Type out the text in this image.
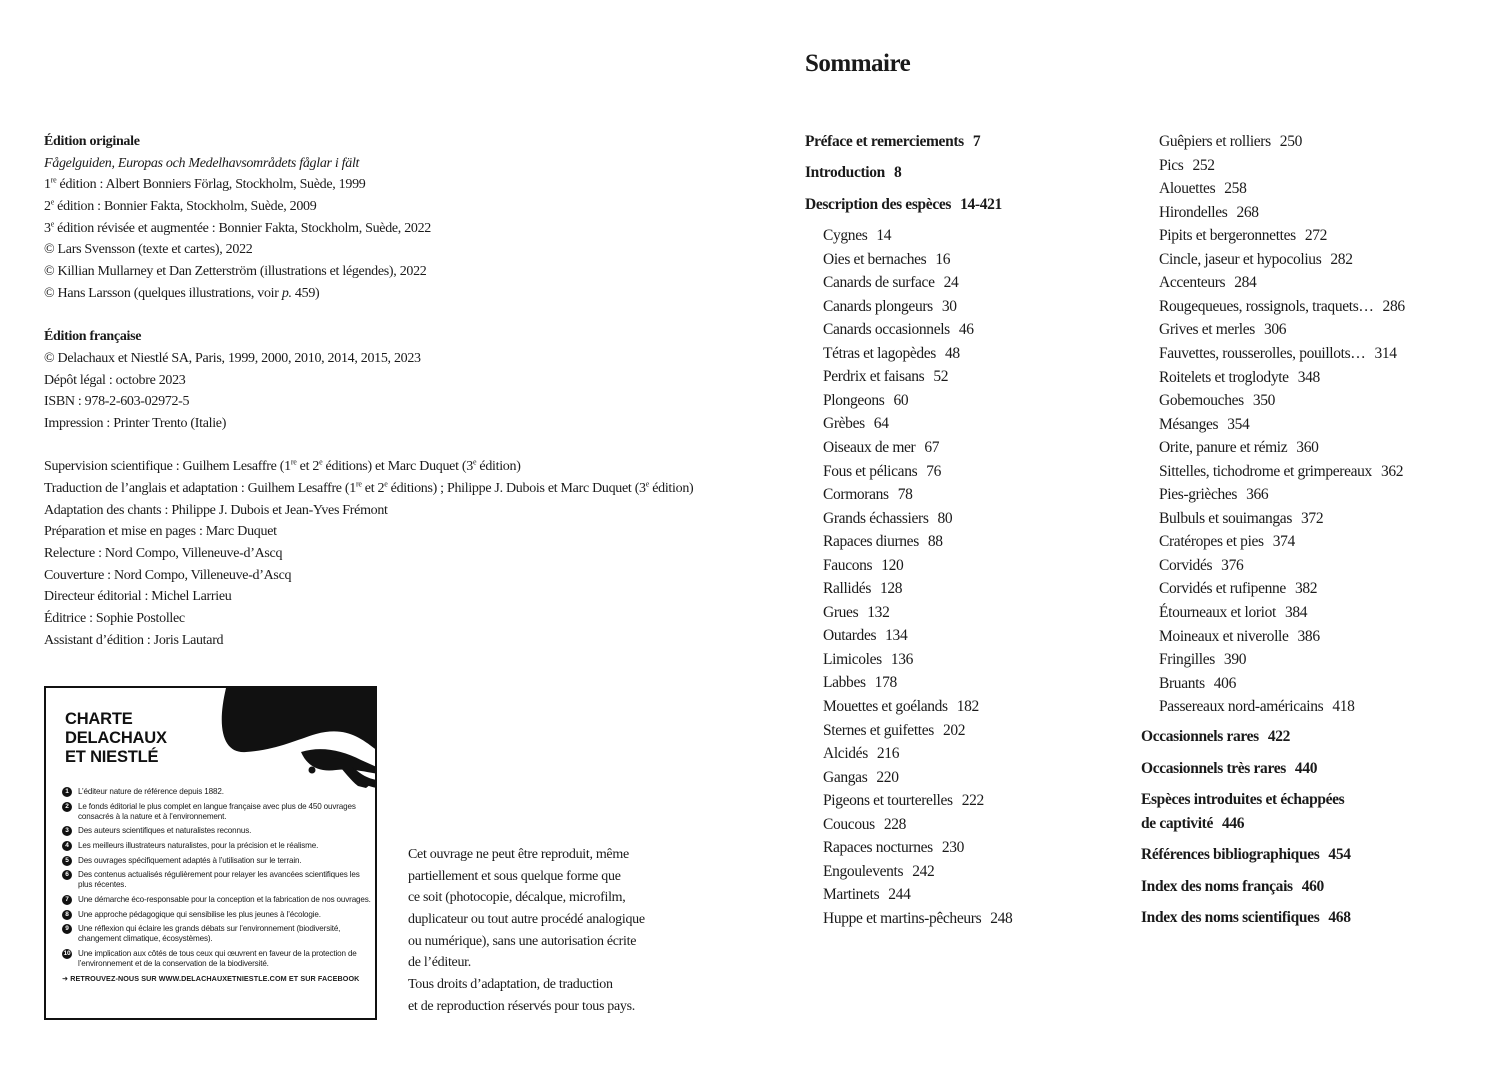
Édition originale
Fågelguiden, Europas och Medelhavsområdets fåglar i fält
1re édition : Albert Bonniers Förlag, Stockholm, Suède, 1999
2e édition : Bonnier Fakta, Stockholm, Suède, 2009
3e édition révisée et augmentée : Bonnier Fakta, Stockholm, Suède, 2022
© Lars Svensson (texte et cartes), 2022
© Killian Mullarney et Dan Zetterström (illustrations et légendes), 2022
© Hans Larsson (quelques illustrations, voir p. 459)
Édition française
© Delachaux et Niestlé SA, Paris, 1999, 2000, 2010, 2014, 2015, 2023
Dépôt légal : octobre 2023
ISBN : 978-2-603-02972-5
Impression : Printer Trento (Italie)
Supervision scientifique : Guilhem Lesaffre (1re et 2e éditions) et Marc Duquet (3e édition)
Traduction de l’anglais et adaptation : Guilhem Lesaffre (1re et 2e éditions) ; Philippe J. Dubois et Marc Duquet (3e édition)
Adaptation des chants : Philippe J. Dubois et Jean-Yves Frémont
Préparation et mise en pages : Marc Duquet
Relecture : Nord Compo, Villeneuve-d’Ascq
Couverture : Nord Compo, Villeneuve-d’Ascq
Directeur éditorial : Michel Larrieu
Éditrice : Sophie Postollec
Assistant d’édition : Joris Lautard
CHARTE
DELACHAUX
ET NIESTLÉ
1	L’éditeur nature de référence depuis 1882.
2	Le fonds éditorial le plus complet en langue française avec plus de 450 ouvrages consacrés à la nature et à l’environnement.
3	Des auteurs scientifiques et naturalistes reconnus.
4	Les meilleurs illustrateurs naturalistes, pour la précision et le réalisme.
5	Des ouvrages spécifiquement adaptés à l’utilisation sur le terrain.
6	Des contenus actualisés régulièrement pour relayer les avancées scientifiques les plus récentes.
7	Une démarche éco-responsable pour la conception et la fabrication de nos ouvrages.
8	Une approche pédagogique qui sensibilise les plus jeunes à l’écologie.
9	Une réflexion qui éclaire les grands débats sur l’environnement (biodiversité, changement climatique, écosystèmes).
10 Une implication aux côtés de tous ceux qui œuvrent en faveur de la protection de l’environnement et de la conservation de la biodiversité.
➜ RETROUVEZ-NOUS SUR WWW.DELACHAUXETNIESTLE.COM ET SUR FACEBOOK
Cet ouvrage ne peut être reproduit, même
partiellement et sous quelque forme que
ce soit (photocopie, décalque, microfilm,
duplicateur ou tout autre procédé analogique
ou numérique), sans une autorisation écrite
de l’éditeur.
Tous droits d’adaptation, de traduction
et de reproduction réservés pour tous pays.
Sommaire
Préface et remerciements 7
Introduction 8
Description des espèces 14-421
Cygnes 14
Oies et bernaches 16
Canards de surface 24
Canards plongeurs 30
Canards occasionnels 46
Tétras et lagopèdes 48
Perdrix et faisans 52
Plongeons 60
Grèbes 64
Oiseaux de mer 67
Fous et pélicans 76
Cormorans 78
Grands échassiers 80
Rapaces diurnes 88
Faucons 120
Rallidés 128
Grues 132
Outardes 134
Limicoles 136
Labbes 178
Mouettes et goélands 182
Sternes et guifettes 202
Alcidés 216
Gangas 220
Pigeons et tourterelles 222
Coucous 228
Rapaces nocturnes 230
Engoulevents 242
Martinets 244
Huppe et martins-pêcheurs 248
Guêpiers et rolliers 250
Pics 252
Alouettes 258
Hirondelles 268
Pipits et bergeronnettes 272
Cincle, jaseur et hypocolius 282
Accenteurs 284
Rougequeues, rossignols, traquets… 286
Grives et merles 306
Fauvettes, rousserolles, pouillots… 314
Roitelets et troglodyte 348
Gobemouches 350
Mésanges 354
Orite, panure et rémiz 360
Sittelles, tichodrome et grimpereaux 362
Pies-grièches 366
Bulbuls et souimangas 372
Cratéropes et pies 374
Corvidés 376
Corvidés et rufipenne 382
Étourneaux et loriot 384
Moineaux et niverolle 386
Fringilles 390
Bruants 406
Passereaux nord-américains 418
Occasionnels rares 422
Occasionnels très rares 440
Espèces introduites et échappées
de captivité 446
Références bibliographiques 454
Index des noms français 460
Index des noms scientifiques 468
